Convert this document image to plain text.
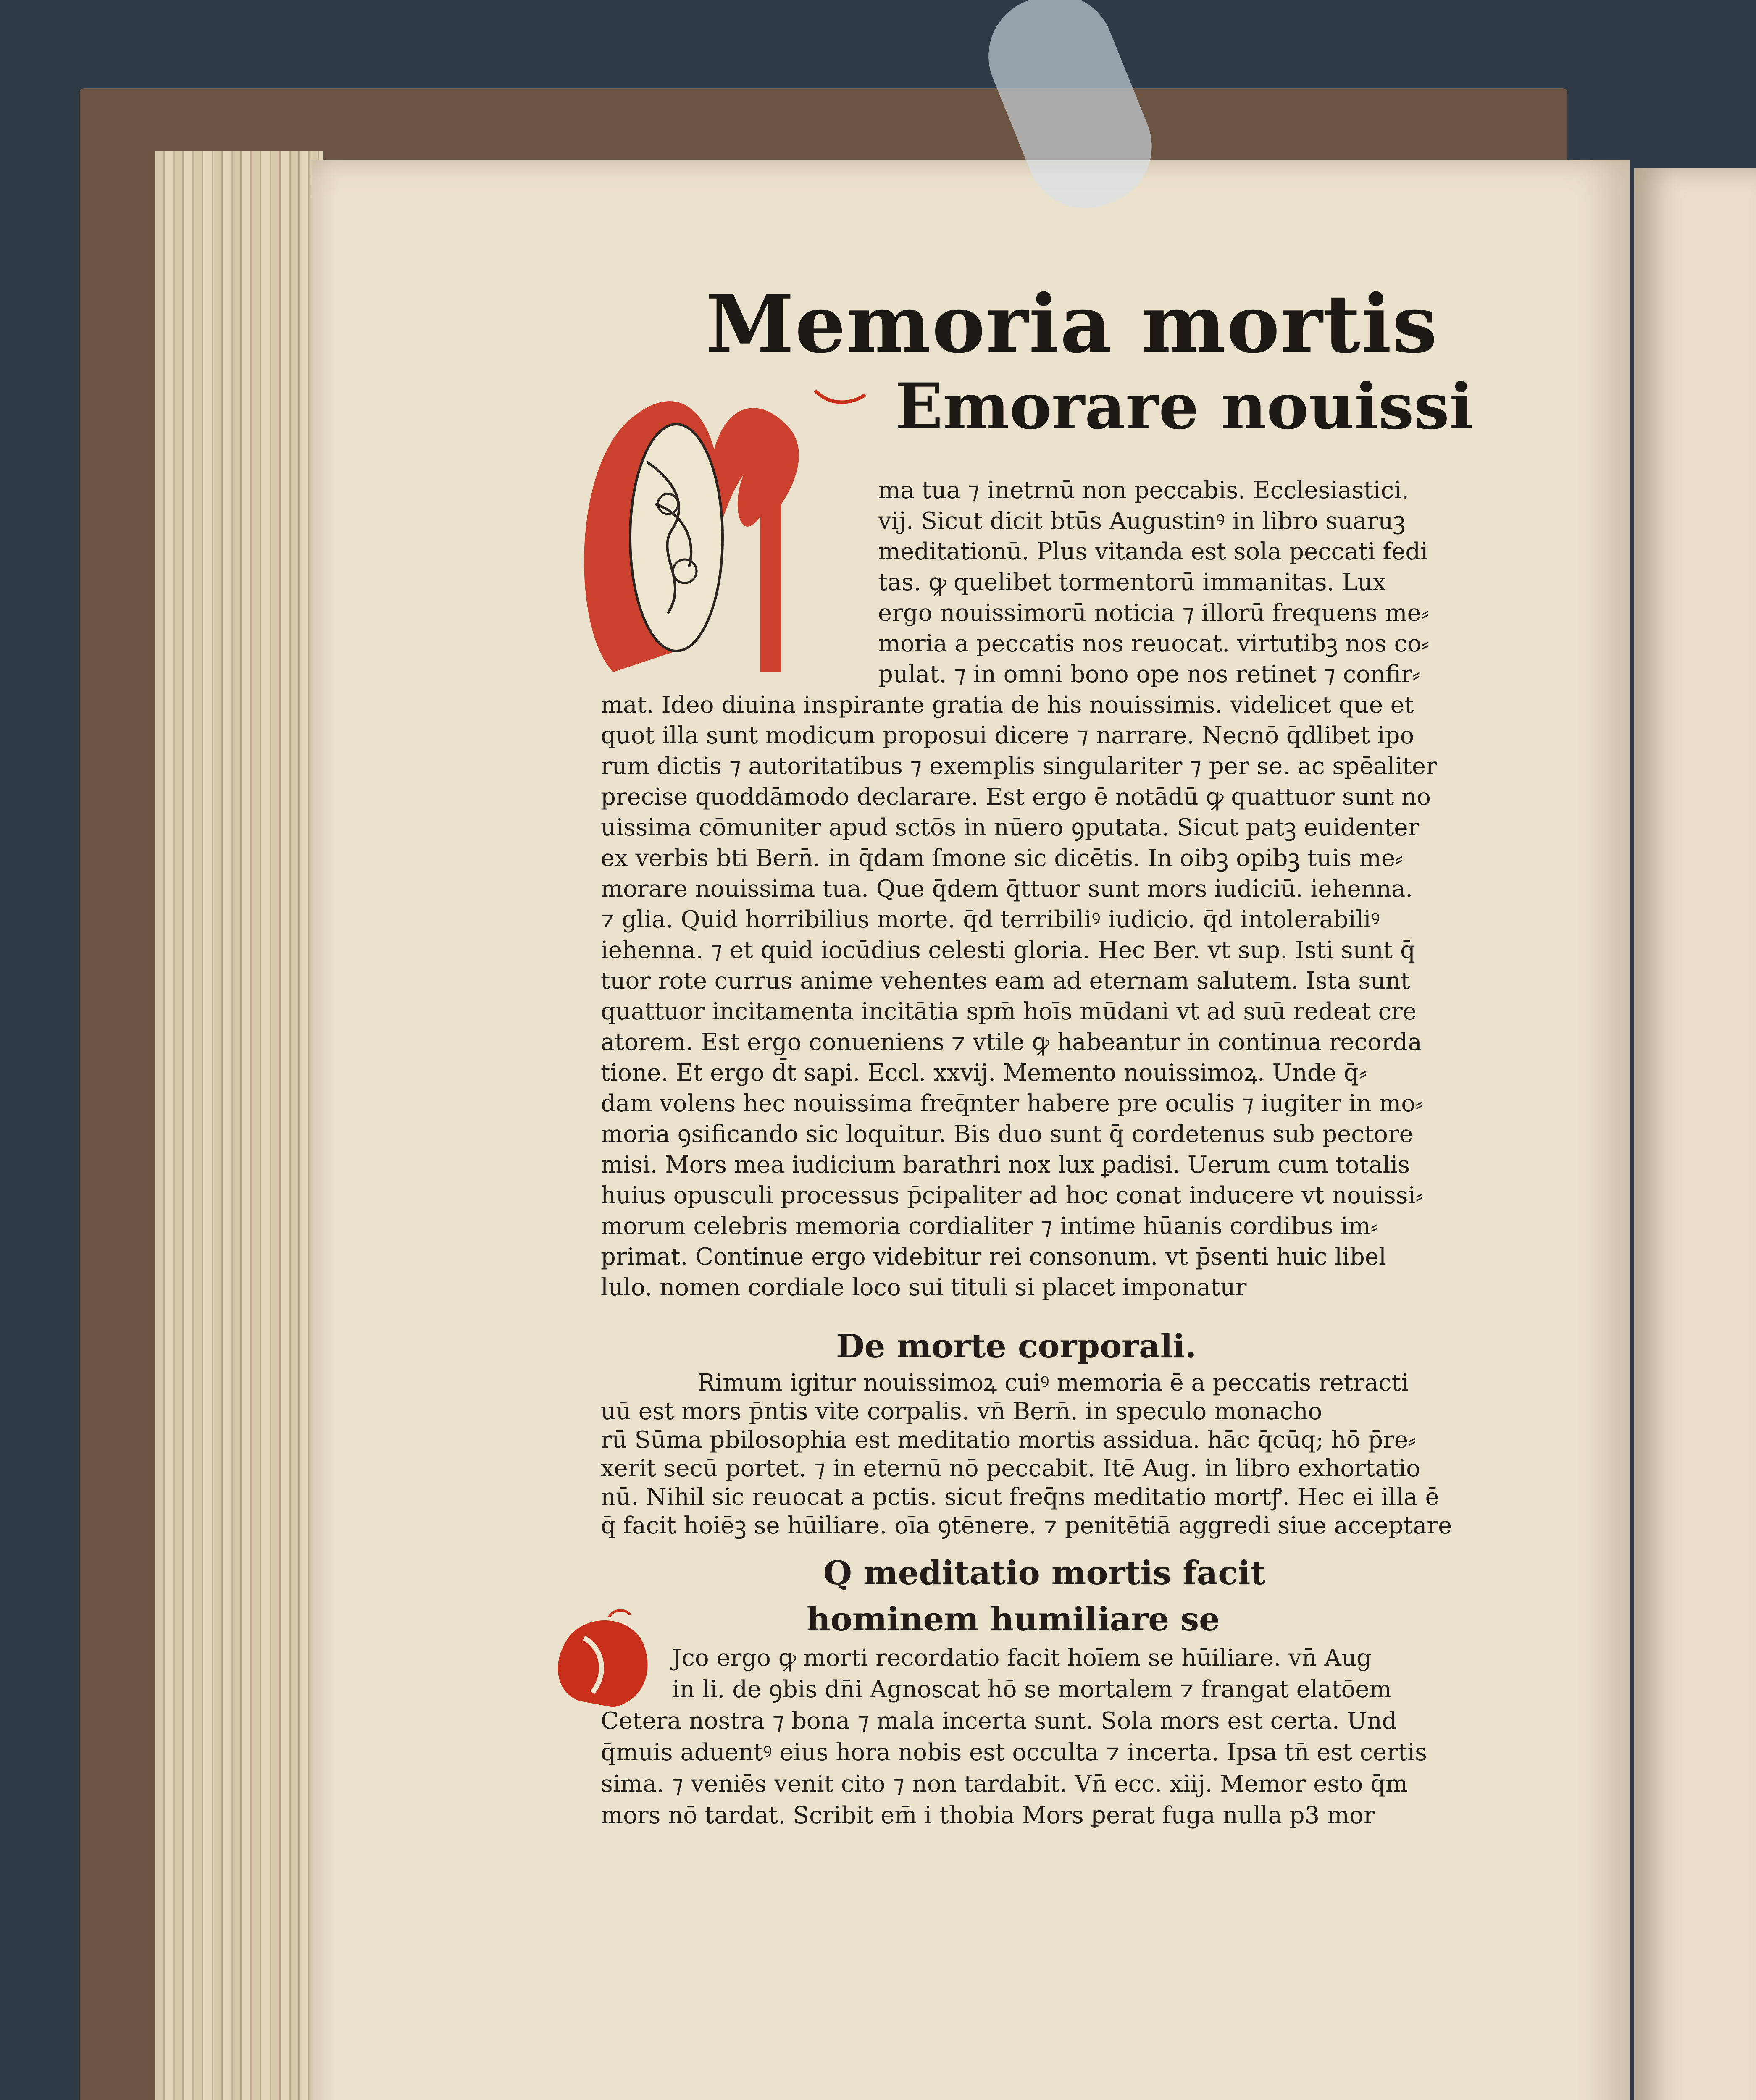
Memoria mortis
Emorare nouissi
ma tua ⁊ inetrnū non peccabis. Ecclesiastici.
vij. Sicut dicit btūs Augustinꝰ in libro suaruꝫ
meditationū. Plus vitanda est sola peccati fedi
tas. ꝙ quelibet tormentorū immanitas. Lux
ergo nouissimorū noticia ⁊ illorū frequens me⸗
moria a peccatis nos reuocat. virtutibꝫ nos co⸗
pulat. ⁊ in omni bono ope nos retinet ⁊ confir⸗
mat. Ideo diuina inspirante gratia de his nouissimis. videlicet que et
quot illa sunt modicum proposui dicere ⁊ narrare. Necnō q̄dlibet ipo
rum dictis ⁊ autoritatibus ⁊ exemplis singulariter ⁊ per se. ac spēaliter
precise quoddāmodo declarare. Est ergo ē notādū ꝙ quattuor sunt no
uissima cōmuniter apud sctōs in nūero ꝯputata. Sicut patꝫ euidenter
ex verbis bti Bern̄. in q̄dam ſmone sic dicētis. In oibꝫ opibꝫ tuis me⸗
morare nouissima tua. Que q̄dem q̄ttuor sunt mors iudiciū. iehenna.
⁊ glia. Quid horribilius morte. q̄d terribiliꝰ iudicio. q̄d intolerabiliꝰ
iehenna. ⁊ et quid iocūdius celesti gloria. Hec Ber. vt sup. Isti sunt q̄
tuor rote currus anime vehentes eam ad eternam salutem. Ista sunt
quattuor incitamenta incitātia spm̄ hoīs mūdani vt ad suū redeat cre
atorem. Est ergo conueniens ⁊ vtile ꝙ habeantur in continua recorda
tione. Et ergo d̄t sapi. Eccl. xxvij. Memento nouissimoꝝ. Unde q̄⸗
dam volens hec nouissima freq̄nter habere pre oculis ⁊ iugiter in mo⸗
moria ꝯsificando sic loquitur. Bis duo sunt q̄ cordetenus sub pectore
misi. Mors mea iudicium barathri nox lux ꝑadisi. Uerum cum totalis
huius opusculi processus p̄cipaliter ad hoc conat inducere vt nouissi⸗
morum celebris memoria cordialiter ⁊ intime hūanis cordibus im⸗
primat. Continue ergo videbitur rei consonum. vt p̄senti huic libel
lulo. nomen cordiale loco sui tituli si placet imponatur
De morte corporali.
Rimum igitur nouissimoꝝ cuiꝰ memoria ē a peccatis retracti
uū est mors p̄ntis vite corpalis. vn̄ Bern̄. in speculo monacho
rū Sūma pbilosophia est meditatio mortis assidua. hāc q̄cūq; hō p̄re⸗
xerit secū portet. ⁊ in eternū nō peccabit. Itē Aug. in libro exhortatio
nū. Nihil sic reuocat a pctis. sicut freq̄ns meditatio mortꝭ. Hec ei illa ē
q̄ facit hoiēꝫ se hūiliare. oīa ꝯtēnere. ⁊ penitētiā aggredi siue acceptare
Q meditatio mortis facit
hominem humiliare se
Jco ergo ꝙ morti recordatio facit hoīem se hūiliare. vn̄ Aug
in li. de ꝯbis dn̄i Agnoscat hō se mortalem ⁊ frangat elatōem
Cetera nostra ⁊ bona ⁊ mala incerta sunt. Sola mors est certa. Und
q̄muis aduentꝰ eius hora nobis est occulta ⁊ incerta. Ipsa tn̄ est certis
sima. ⁊ veniēs venit cito ⁊ non tardabit. Vn̄ ecc. xiij. Memor esto q̄m
mors nō tardat. Scribit em̄ i thobia Mors ꝑerat fuga nulla p3 mor
